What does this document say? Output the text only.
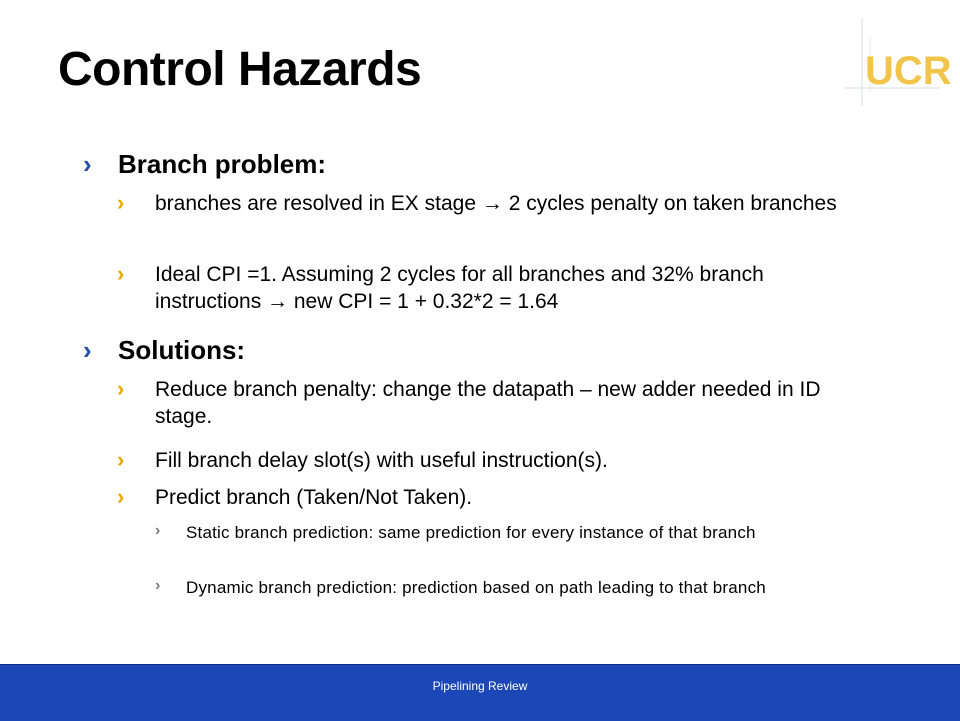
Control Hazards	UCR
› Branch problem:
› branches are resolved in EX stage → 2 cycles penalty on taken branches
› Ideal CPI =1. Assuming 2 cycles for all branches and 32% branch instructions → new CPI = 1 + 0.32*2 = 1.64
› Solutions:
› Reduce branch penalty: change the datapath – new adder needed in ID stage.
› Fill branch delay slot(s) with useful instruction(s).
› Predict branch (Taken/Not Taken).
› Static branch prediction: same prediction for every instance of that branch
› Dynamic branch prediction: prediction based on path leading to that branch
Pipelining Review
